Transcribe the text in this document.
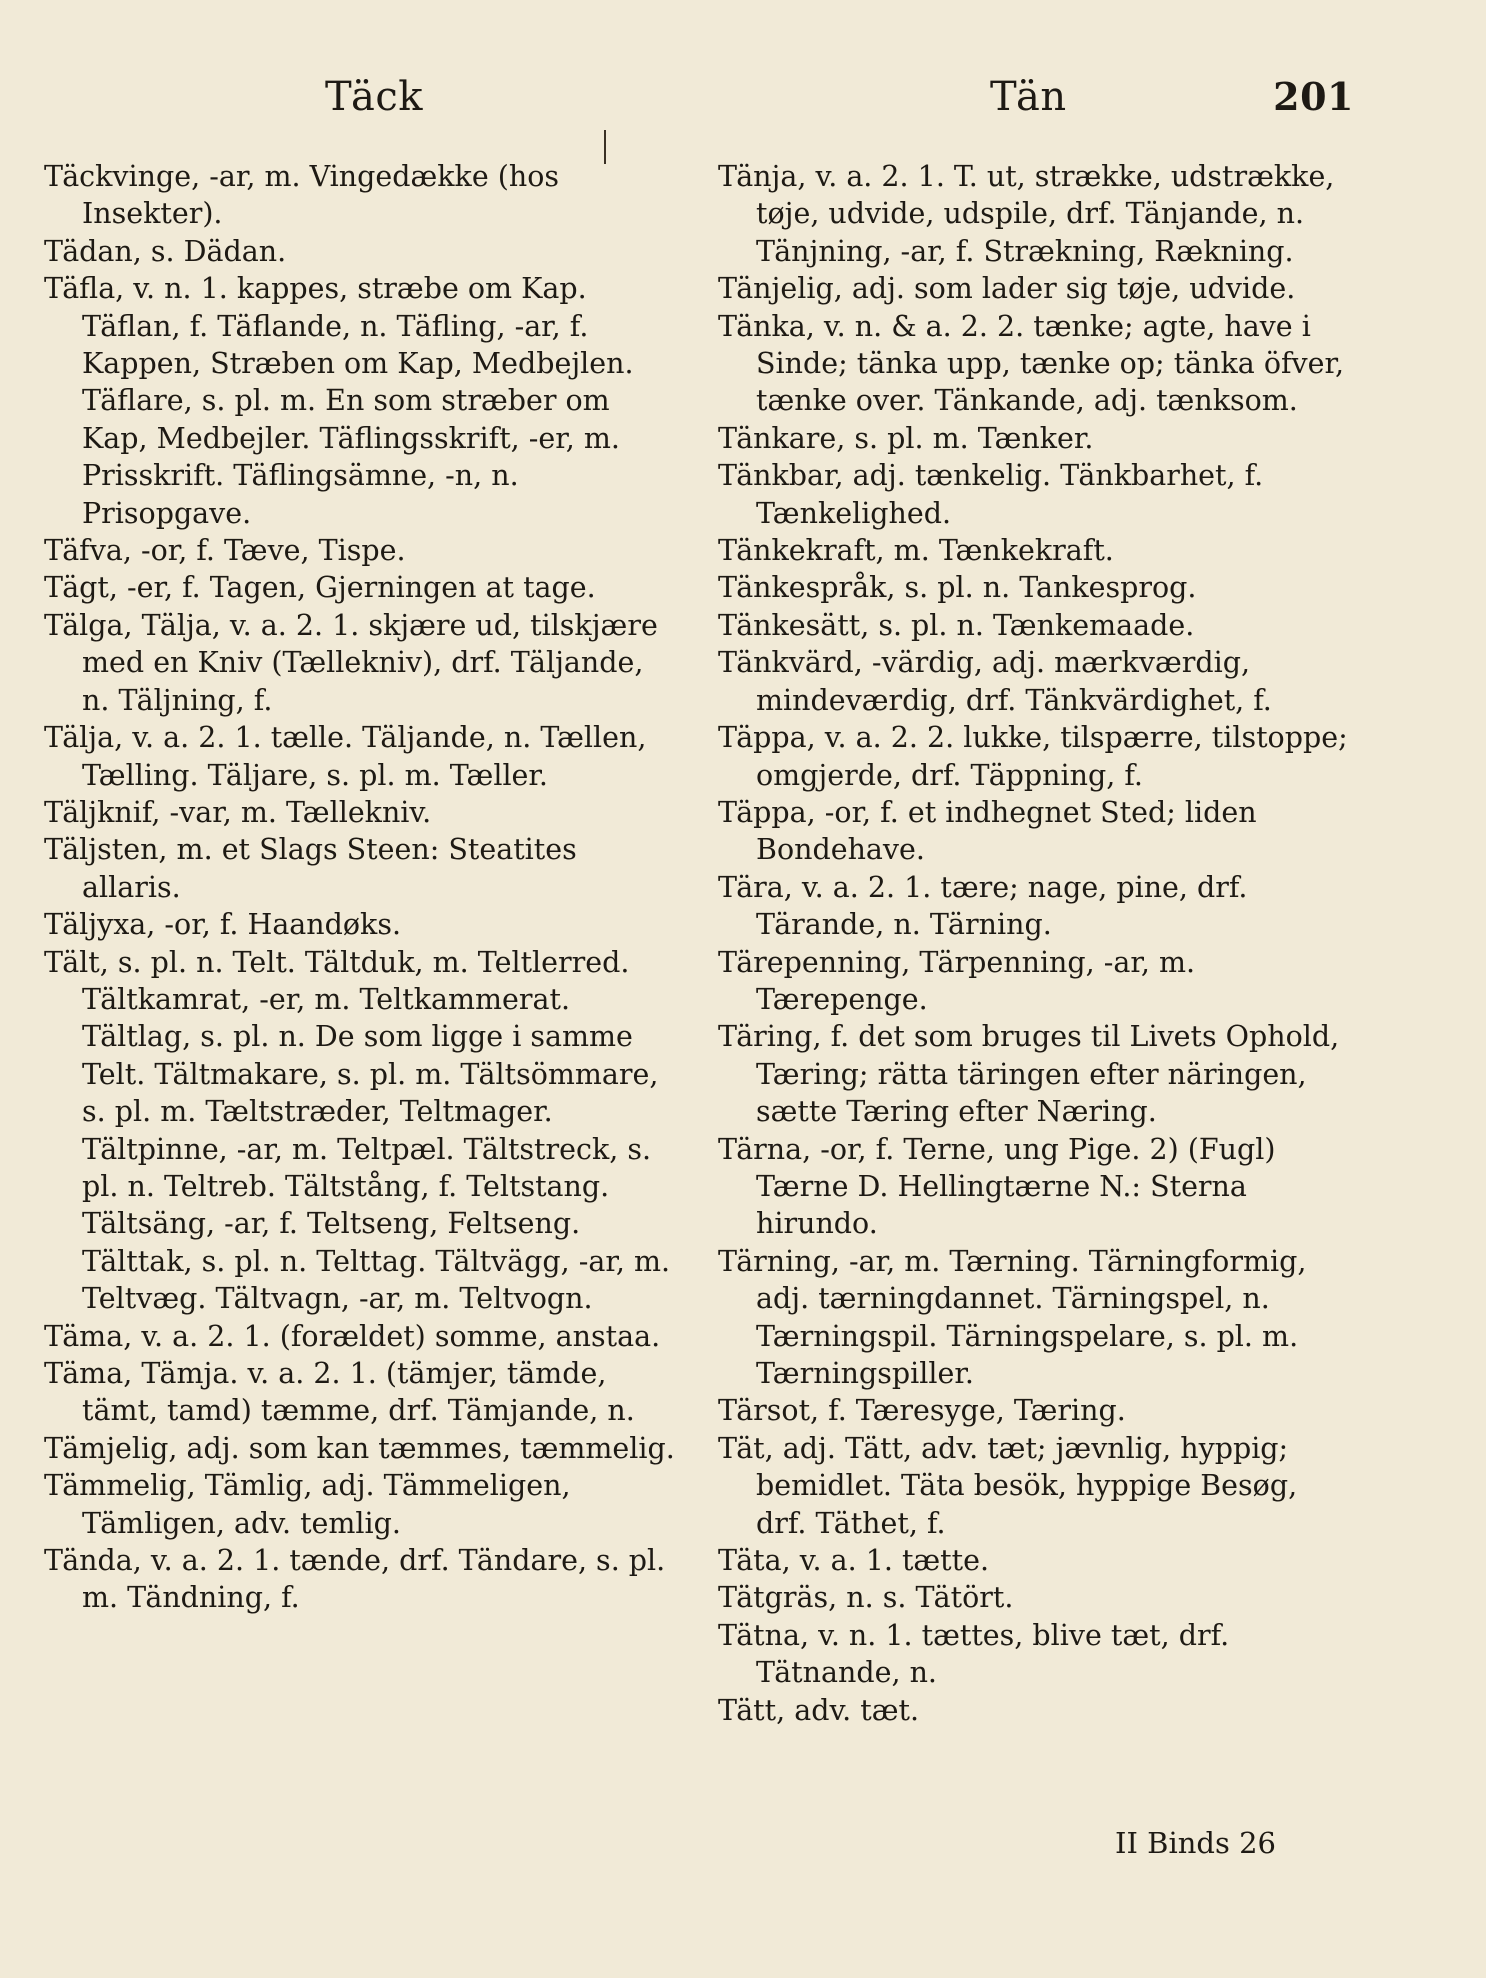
Täck	Tän	201

Täckvinge, -ar, m. Vingedække (hos Insekter).

Tädan, s. Dädan.

Täfla, v. n. 1. kappes, stræbe om Kap. Täflan, f. Täflande, n. Täfling, -ar, f. Kappen, Stræben om Kap, Medbejlen. Täflare, s. pl. m. En som stræber om Kap, Medbejler. Täflingsskrift, -er, m. Prisskrift. Täflingsämne, -n, n. Prisopgave.

Täfva, -or, f. Tæve, Tispe.

Tägt, -er, f. Tagen, Gjerningen at tage.

Tälga, Tälja, v. a. 2. 1. skjære ud, tilskjære med en Kniv (Tællekniv), drf. Täljande, n. Täljning, f.

Tälja, v. a. 2. 1. tælle. Täljande, n. Tællen, Tælling. Täljare, s. pl. m. Tæller.

Täljknif, -var, m. Tællekniv.

Täljsten, m. et Slags Steen: Steatites allaris.

Täljyxa, -or, f. Haandøks.

Tält, s. pl. n. Telt. Tältduk, m. Teltlerred. Tältkamrat, -er, m. Teltkammerat. Tältlag, s. pl. n. De som ligge i samme Telt. Tältmakare, s. pl. m. Tältsömmare, s. pl. m. Tæltstræder, Teltmager. Tältpinne, -ar, m. Teltpæl. Tältstreck, s. pl. n. Teltreb. Tältstång, f. Teltstang. Tältsäng, -ar, f. Teltseng, Feltseng. Tälttak, s. pl. n. Telttag. Tältvägg, -ar, m. Teltvæg. Tältvagn, -ar, m. Teltvogn.

Täma, v. a. 2. 1. (forældet) somme, anstaa.

Täma, Tämja. v. a. 2. 1. (tämjer, tämde, tämt, tamd) tæmme, drf. Tämjande, n.

Tämjelig, adj. som kan tæmmes, tæmmelig.

Tämmelig, Tämlig, adj. Tämmeligen, Tämligen, adv. temlig.

Tända, v. a. 2. 1. tænde, drf. Tändare, s. pl. m. Tändning, f.

Tänja, v. a. 2. 1. T. ut, strække, udstrække, tøje, udvide, udspile, drf. Tänjande, n. Tänjning, -ar, f. Strækning, Rækning.

Tänjelig, adj. som lader sig tøje, udvide.

Tänka, v. n. & a. 2. 2. tænke; agte, have i Sinde; tänka upp, tænke op; tänka öfver, tænke over. Tänkande, adj. tænksom.

Tänkare, s. pl. m. Tænker.

Tänkbar, adj. tænkelig. Tänkbarhet, f. Tænkelighed.

Tänkekraft, m. Tænkekraft.

Tänkespråk, s. pl. n. Tankesprog.

Tänkesätt, s. pl. n. Tænkemaade.

Tänkvärd, -värdig, adj. mærkværdig, mindeværdig, drf. Tänkvärdighet, f.

Täppa, v. a. 2. 2. lukke, tilspærre, tilstoppe; omgjerde, drf. Täppning, f.

Täppa, -or, f. et indhegnet Sted; liden Bondehave.

Tära, v. a. 2. 1. tære; nage, pine, drf. Tärande, n. Tärning.

Tärepenning, Tärpenning, -ar, m. Tærepenge.

Täring, f. det som bruges til Livets Ophold, Tæring; rätta täringen efter näringen, sætte Tæring efter Næring.

Tärna, -or, f. Terne, ung Pige. 2) (Fugl) Tærne D. Hellingtærne N.: Sterna hirundo.

Tärning, -ar, m. Tærning. Tärningformig, adj. tærningdannet. Tärningspel, n. Tærningspil. Tärningspelare, s. pl. m. Tærningspiller.

Tärsot, f. Tæresyge, Tæring.

Tät, adj. Tätt, adv. tæt; jævnlig, hyppig; bemidlet. Täta besök, hyppige Besøg, drf. Täthet, f.

Täta, v. a. 1. tætte.

Tätgräs, n. s. Tätört.

Tätna, v. n. 1. tættes, blive tæt, drf. Tätnande, n.

Tätt, adv. tæt.

II Binds 26
